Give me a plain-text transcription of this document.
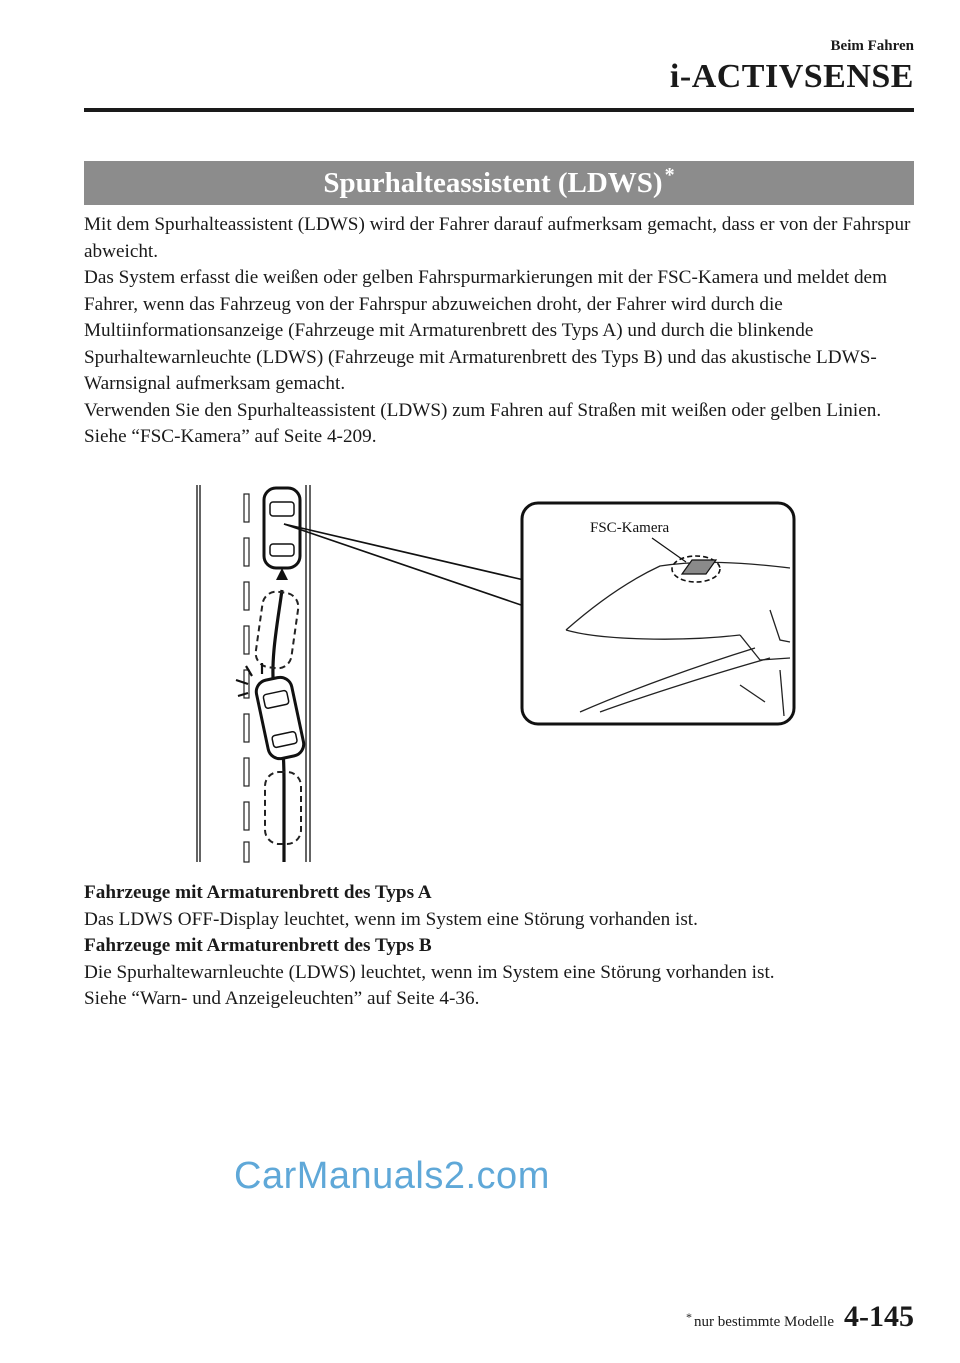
Beim Fahren
i-ACTIVSENSE
Spurhalteassistent (LDWS) *

Mit dem Spurhalteassistent (LDWS) wird der Fahrer darauf aufmerksam gemacht, dass er von der Fahrspur abweicht.

Das System erfasst die weißen oder gelben Fahrspurmarkierungen mit der FSC-Kamera und meldet dem Fahrer, wenn das Fahrzeug von der Fahrspur abzuweichen droht, der Fahrer wird durch die Multiinformationsanzeige (Fahrzeuge mit Armaturenbrett des Typs A) und durch die blinkende Spurhaltewarnleuchte (LDWS) (Fahrzeuge mit Armaturenbrett des Typs B) und das akustische LDWS-Warnsignal aufmerksam gemacht.

Verwenden Sie den Spurhalteassistent (LDWS) zum Fahren auf Straßen mit weißen oder gelben Linien.

Siehe “FSC-Kamera” auf Seite 4-209.

FSC-Kamera

Fahrzeuge mit Armaturenbrett des Typs A

Das LDWS OFF-Display leuchtet, wenn im System eine Störung vorhanden ist.

Fahrzeuge mit Armaturenbrett des Typs B

Die Spurhaltewarnleuchte (LDWS) leuchtet, wenn im System eine Störung vorhanden ist.

Siehe “Warn- und Anzeigeleuchten” auf Seite 4-36.

CarManuals2.com
* nur bestimmte Modelle 4-145
